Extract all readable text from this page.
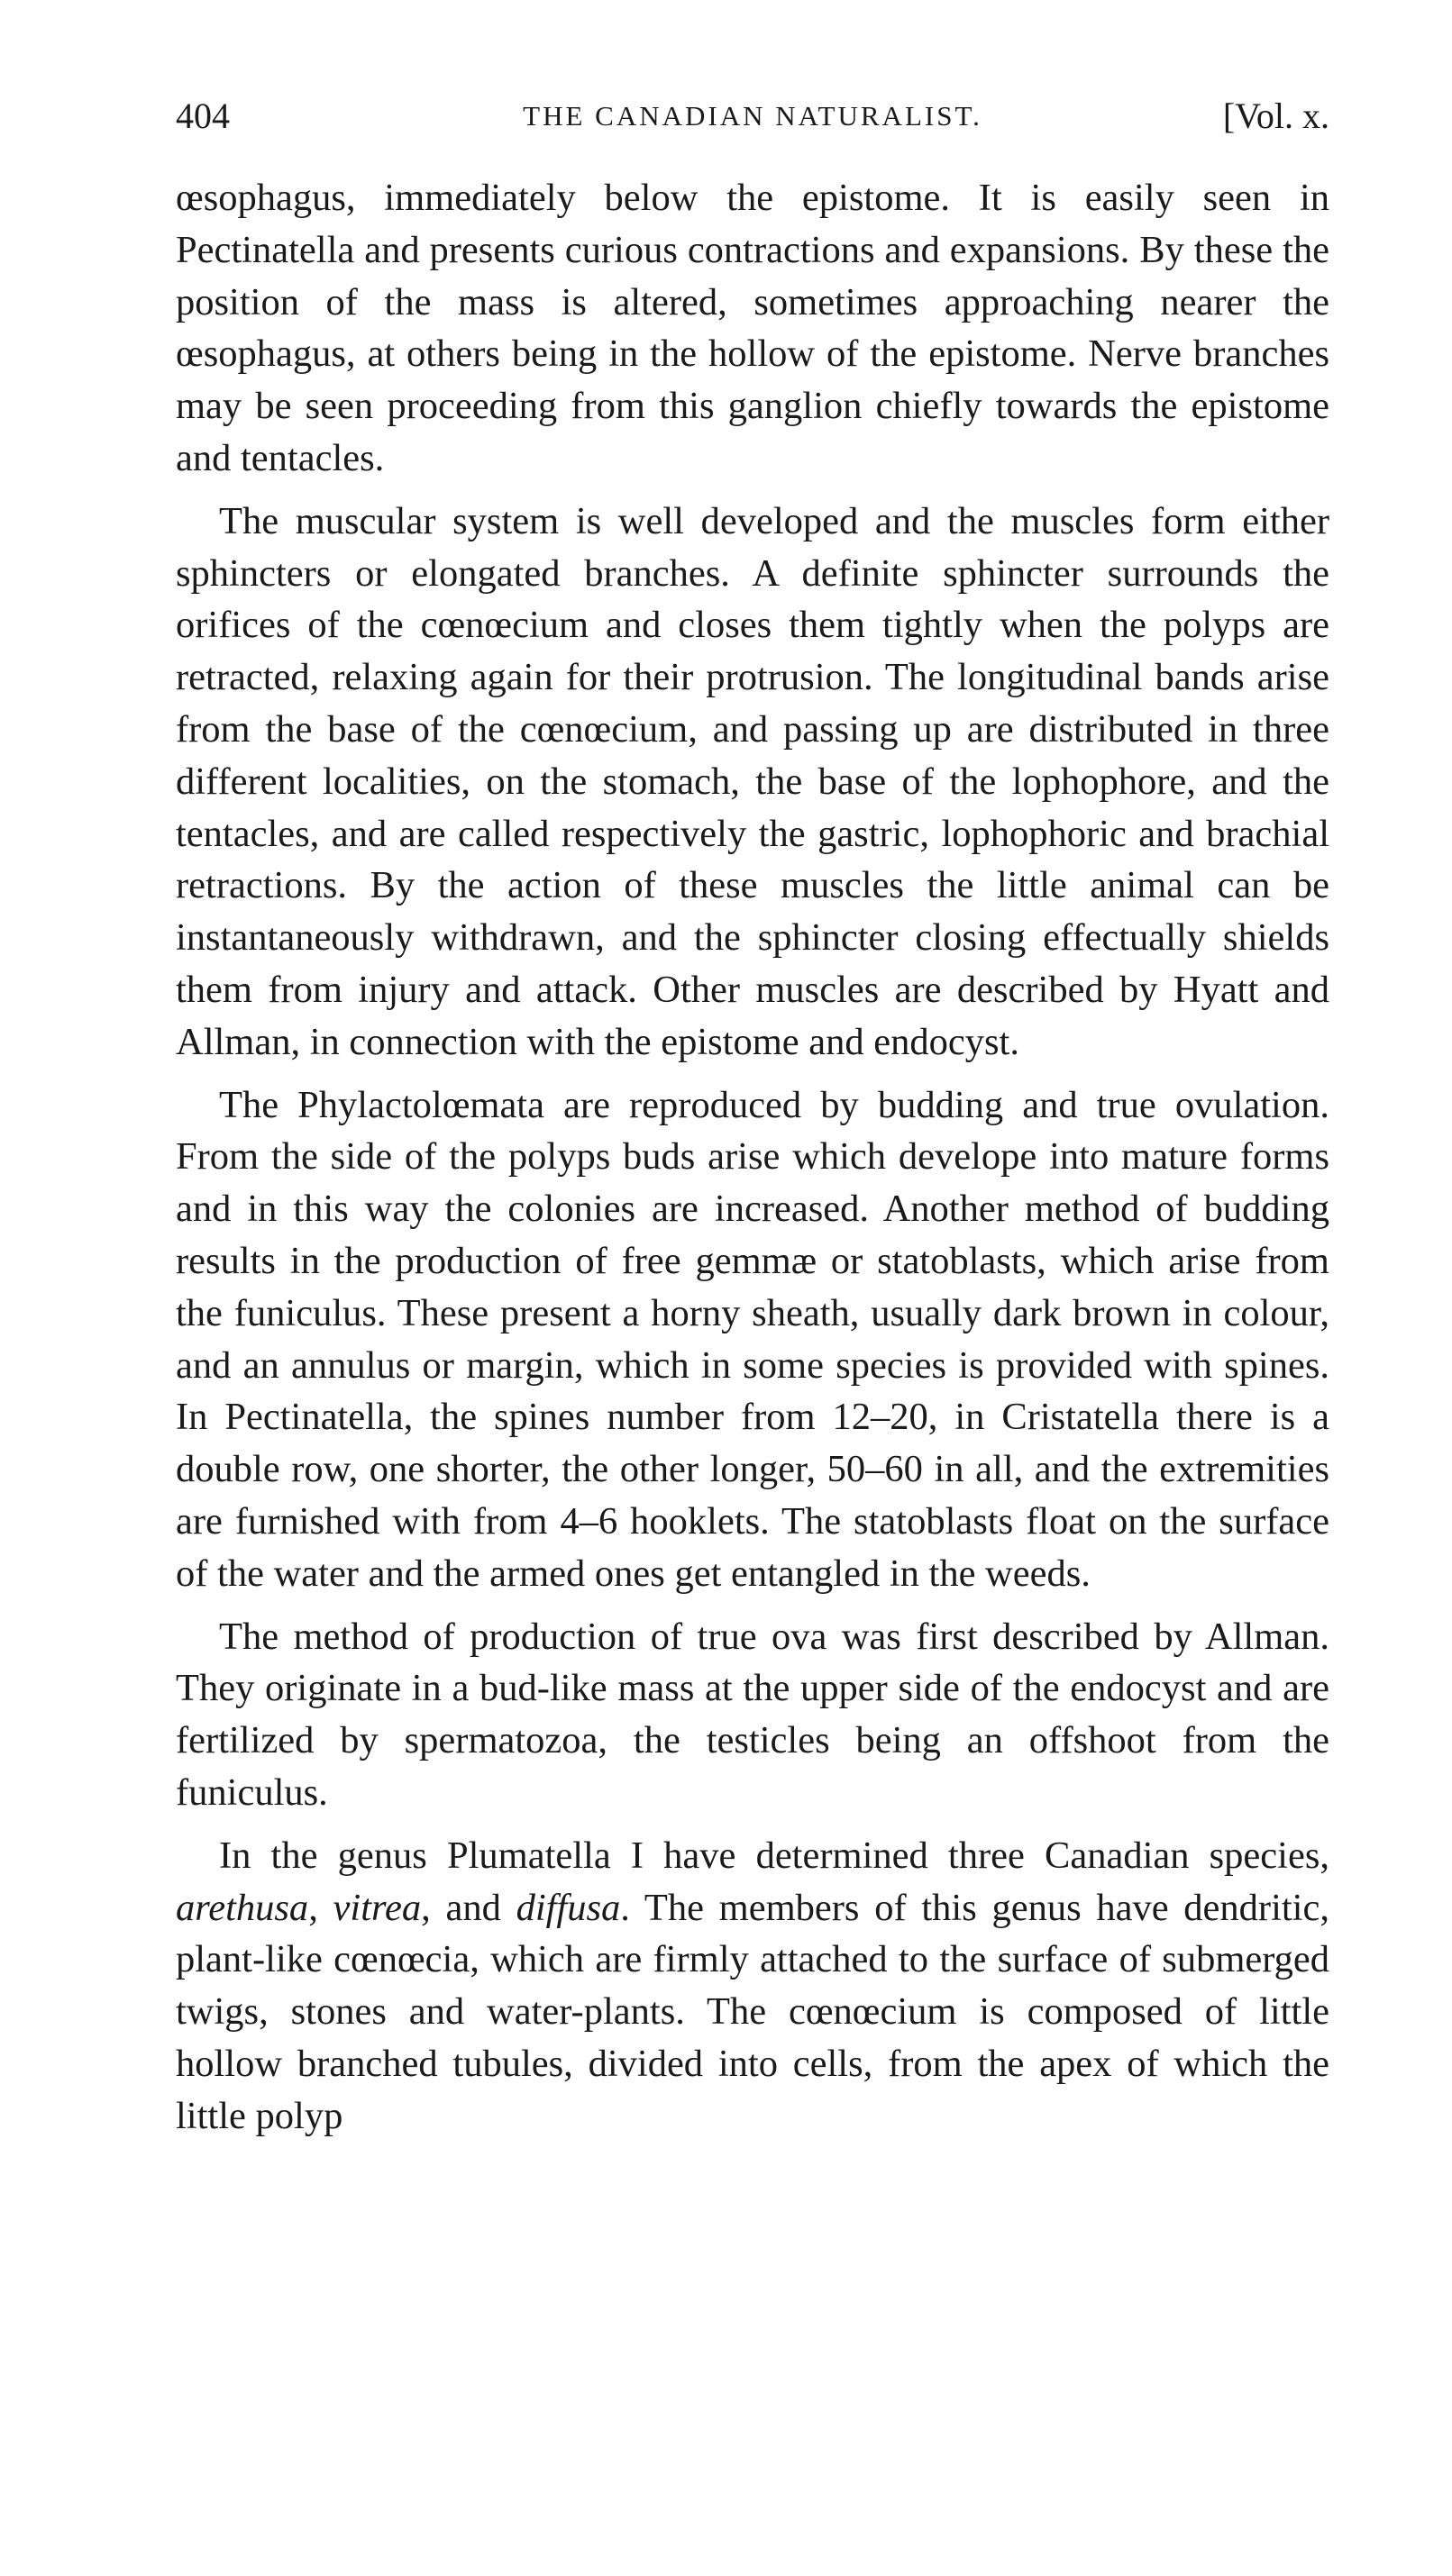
404	THE CANADIAN NATURALIST.	[Vol. x.

œsophagus, immediately below the epistome. It is easily seen in Pectinatella and presents curious contractions and expansions. By these the position of the mass is altered, sometimes approaching nearer the œsophagus, at others being in the hollow of the epistome. Nerve branches may be seen proceeding from this ganglion chiefly towards the epistome and tentacles.

The muscular system is well developed and the muscles form either sphincters or elongated branches. A definite sphincter surrounds the orifices of the cœnœcium and closes them tightly when the polyps are retracted, relaxing again for their protrusion. The longitudinal bands arise from the base of the cœnœcium, and passing up are distributed in three different localities, on the stomach, the base of the lophophore, and the tentacles, and are called respectively the gastric, lophophoric and brachial retractions. By the action of these muscles the little animal can be instantaneously withdrawn, and the sphincter closing effectually shields them from injury and attack. Other muscles are described by Hyatt and Allman, in connection with the epistome and endocyst.

The Phylactolœmata are reproduced by budding and true ovulation. From the side of the polyps buds arise which develope into mature forms and in this way the colonies are increased. Another method of budding results in the production of free gemmæ or statoblasts, which arise from the funiculus. These present a horny sheath, usually dark brown in colour, and an annulus or margin, which in some species is provided with spines. In Pectinatella, the spines number from 12–20, in Cristatella there is a double row, one shorter, the other longer, 50–60 in all, and the extremities are furnished with from 4–6 hooklets. The statoblasts float on the surface of the water and the armed ones get entangled in the weeds.

The method of production of true ova was first described by Allman. They originate in a bud-like mass at the upper side of the endocyst and are fertilized by spermatozoa, the testicles being an offshoot from the funiculus.

In the genus Plumatella I have determined three Canadian species, arethusa, vitrea, and diffusa. The members of this genus have dendritic, plant-like cœnœcia, which are firmly attached to the surface of submerged twigs, stones and water-plants. The cœnœcium is composed of little hollow branched tubules, divided into cells, from the apex of which the little polyp
